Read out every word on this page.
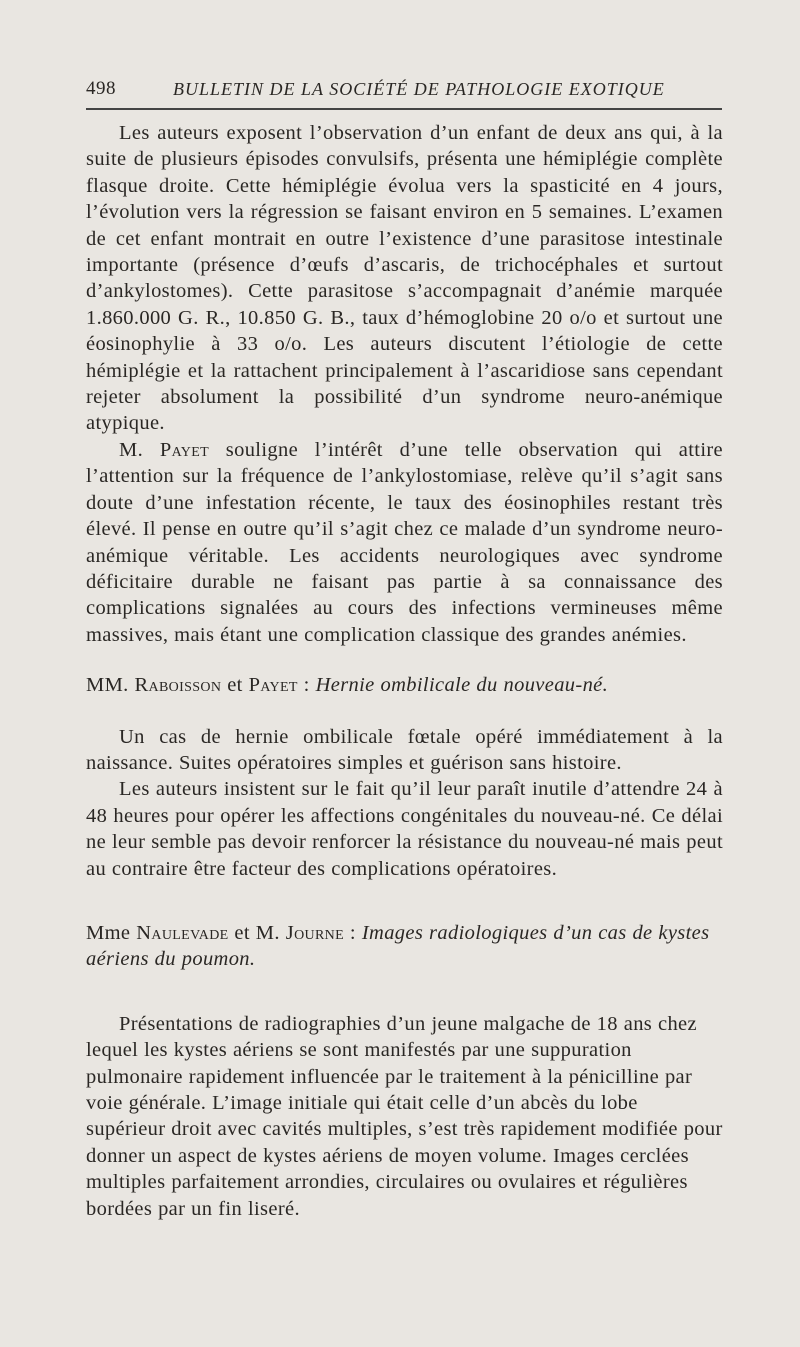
498	BULLETIN DE LA SOCIÉTÉ DE PATHOLOGIE EXOTIQUE

Les auteurs exposent l’observation d’un enfant de deux ans qui, à la suite de plusieurs épisodes convulsifs, présenta une hémiplégie complète flasque droite. Cette hémiplégie évolua vers la spasticité en 4 jours, l’évolution vers la régression se faisant environ en 5 semaines. L’examen de cet enfant montrait en outre l’existence d’une parasitose intestinale importante (présence d’œufs d’ascaris, de trichocéphales et surtout d’ankylostomes). Cette parasitose s’accompagnait d’anémie marquée 1.860.000 G. R., 10.850 G. B., taux d’hémoglobine 20 o/o et surtout une éosinophylie à 33 o/o. Les auteurs discutent l’étiologie de cette hémiplégie et la rattachent principalement à l’ascaridiose sans cependant rejeter absolument la possibilité d’un syndrome neuro-anémique atypique.

M. Payet souligne l’intérêt d’une telle observation qui attire l’attention sur la fréquence de l’ankylostomiase, relève qu’il s’agit sans doute d’une infestation récente, le taux des éosinophiles restant très élevé. Il pense en outre qu’il s’agit chez ce malade d’un syndrome neuro-anémique véritable. Les accidents neurologiques avec syndrome déficitaire durable ne faisant pas partie à sa connaissance des complications signalées au cours des infections vermineuses même massives, mais étant une complication classique des grandes anémies.

MM. Raboisson et Payet : Hernie ombilicale du nouveau-né.

Un cas de hernie ombilicale fœtale opéré immédiatement à la naissance. Suites opératoires simples et guérison sans histoire.

Les auteurs insistent sur le fait qu’il leur paraît inutile d’attendre 24 à 48 heures pour opérer les affections congénitales du nouveau-né. Ce délai ne leur semble pas devoir renforcer la résistance du nouveau-né mais peut au contraire être facteur des complications opératoires.

Mme Naulevade et M. Journe : Images radiologiques d’un cas de kystes aériens du poumon.

Présentations de radiographies d’un jeune malgache de 18 ans chez lequel les kystes aériens se sont manifestés par une suppuration pulmonaire rapidement influencée par le traitement à la pénicilline par voie générale. L’image initiale qui était celle d’un abcès du lobe supérieur droit avec cavités multiples, s’est très rapidement modifiée pour donner un aspect de kystes aériens de moyen volume. Images cerclées multiples parfaitement arrondies, circulaires ou ovulaires et régulières bordées par un fin liseré.
